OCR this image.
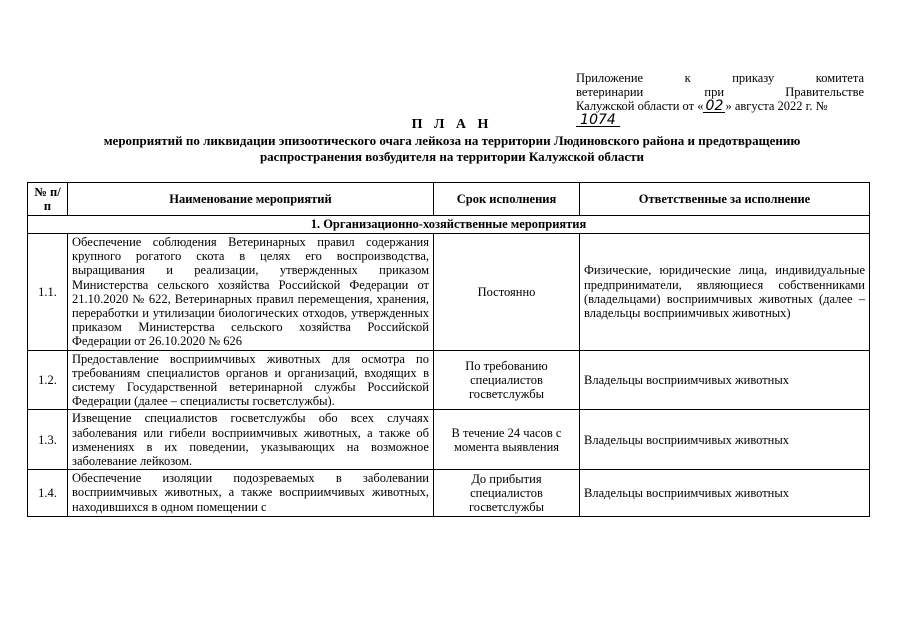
Приложение к приказу комитета
ветеринарии при Правительстве
Калужской области от « 02 » августа 2022 г. №1074
П Л А Н
мероприятий по ликвидации эпизоотического очага лейкоза на территории Людиновского района и предотвращению распространения возбудителя на территории Калужской области
№ п/п	Наименование мероприятий	Срок исполнения	Ответственные за исполнение
1. Организационно-хозяйственные мероприятия			
1.1.	Обеспечение соблюдения Ветеринарных правил содержания крупного рогатого скота в целях его воспроизводства, выращивания и реализации, утвержденных приказом Министерства сельского хозяйства Российской Федерации от 21.10.2020 № 622, Ветеринарных правил перемещения, хранения, переработки и утилизации биологических отходов, утвержденных приказом Министерства сельского хозяйства Российской Федерации от 26.10.2020 № 626	Постоянно	Физические, юридические лица, индивидуальные предприниматели, являющиеся собственниками (владельцами) восприимчивых животных (далее – владельцы восприимчивых животных)
1.2.	Предоставление восприимчивых животных для осмотра по требованиям специалистов органов и организаций, входящих в систему Государственной ветеринарной службы Российской Федерации (далее – специалисты госветслужбы).	По требованию специалистов госветслужбы	Владельцы восприимчивых животных
1.3.	Извещение специалистов госветслужбы обо всех случаях заболевания или гибели восприимчивых животных, а также об изменениях в их поведении, указывающих на возможное заболевание лейкозом.	В течение 24 часов с момента выявления	Владельцы восприимчивых животных
1.4.	Обеспечение изоляции подозреваемых в заболевании восприимчивых животных, а также восприимчивых животных, находившихся в одном помещении с	До прибытия специалистов госветслужбы	Владельцы восприимчивых животных
